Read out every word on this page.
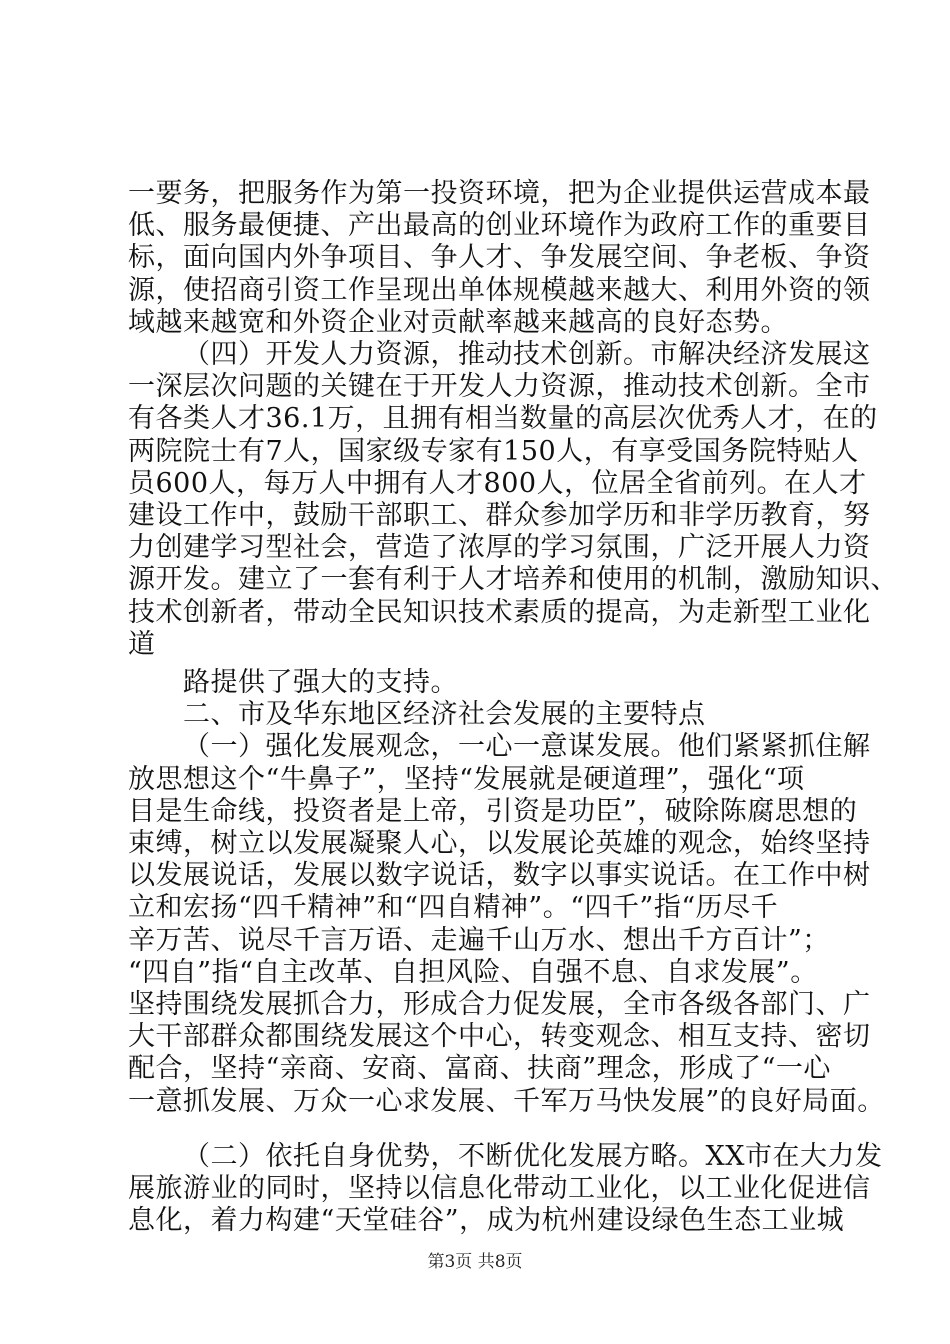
一要务，把服务作为第一投资环境，把为企业提供运营成本最
低、服务最便捷、产出最高的创业环境作为政府工作的重要目
标，面向国内外争项目、争人才、争发展空间、争老板、争资
源，使招商引资工作呈现出单体规模越来越大、利用外资的领
域越来越宽和外资企业对贡献率越来越高的良好态势。
（四）开发人力资源，推动技术创新。市解决经济发展这
一深层次问题的关键在于开发人力资源，推动技术创新。全市
有各类人才36.1万，且拥有相当数量的高层次优秀人才，在的
两院院士有7人，国家级专家有150人，有享受国务院特贴人
员600人，每万人中拥有人才800人，位居全省前列。在人才
建设工作中，鼓励干部职工、群众参加学历和非学历教育，努
力创建学习型社会，营造了浓厚的学习氛围，广泛开展人力资
源开发。建立了一套有利于人才培养和使用的机制，激励知识、
技术创新者，带动全民知识技术素质的提高，为走新型工业化
道
路提供了强大的支持。
二、市及华东地区经济社会发展的主要特点
（一）强化发展观念，一心一意谋发展。他们紧紧抓住解
放思想这个“牛鼻子”，坚持“发展就是硬道理”，强化“项
目是生命线，投资者是上帝，引资是功臣”，破除陈腐思想的
束缚，树立以发展凝聚人心，以发展论英雄的观念，始终坚持
以发展说话，发展以数字说话，数字以事实说话。在工作中树
立和宏扬“四千精神”和“四自精神”。“四千”指“历尽千
辛万苦、说尽千言万语、走遍千山万水、想出千方百计”；
“四自”指“自主改革、自担风险、自强不息、自求发展”。
坚持围绕发展抓合力，形成合力促发展，全市各级各部门、广
大干部群众都围绕发展这个中心，转变观念、相互支持、密切
配合，坚持“亲商、安商、富商、扶商”理念，形成了“一心
一意抓发展、万众一心求发展、千军万马快发展”的良好局面。
第3页 共8页
（二）依托自身优势，不断优化发展方略。XX市在大力发
展旅游业的同时，坚持以信息化带动工业化，以工业化促进信
息化，着力构建“天堂硅谷”，成为杭州建设绿色生态工业城
